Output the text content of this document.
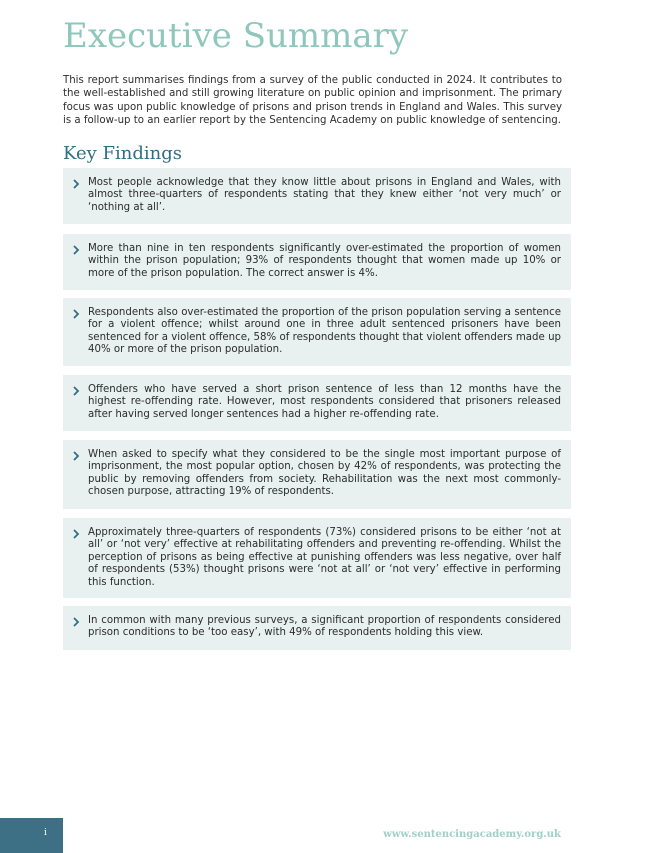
Executive Summary

This report summarises findings from a survey of the public conducted in 2024. It contributes to the well-established and still growing literature on public opinion and imprisonment. The primary focus was upon public knowledge of prisons and prison trends in England and Wales. This survey is a follow-up to an earlier report by the Sentencing Academy on public knowledge of sentencing.

Key Findings

Most people acknowledge that they know little about prisons in England and Wales, with almost three-quarters of respondents stating that they knew either ‘not very much’ or ‘nothing at all’.

More than nine in ten respondents significantly over-estimated the proportion of women within the prison population; 93% of respondents thought that women made up 10% or more of the prison population. The correct answer is 4%.

Respondents also over-estimated the proportion of the prison population serving a sentence for a violent offence; whilst around one in three adult sentenced prisoners have been sentenced for a violent offence, 58% of respondents thought that violent offenders made up 40% or more of the prison population.

Offenders who have served a short prison sentence of less than 12 months have the highest re-offending rate. However, most respondents considered that prisoners released after having served longer sentences had a higher re-offending rate.

When asked to specify what they considered to be the single most important purpose of imprisonment, the most popular option, chosen by 42% of respondents, was protecting the public by removing offenders from society. Rehabilitation was the next most commonly-chosen purpose, attracting 19% of respondents.

Approximately three-quarters of respondents (73%) considered prisons to be either ‘not at all’ or ‘not very’ effective at rehabilitating offenders and preventing re-offending. Whilst the perception of prisons as being effective at punishing offenders was less negative, over half of respondents (53%) thought prisons were ‘not at all’ or ‘not very’ effective in performing this function.

In common with many previous surveys, a significant proportion of respondents considered prison conditions to be ‘too easy’, with 49% of respondents holding this view.

i	www.sentencingacademy.org.uk
